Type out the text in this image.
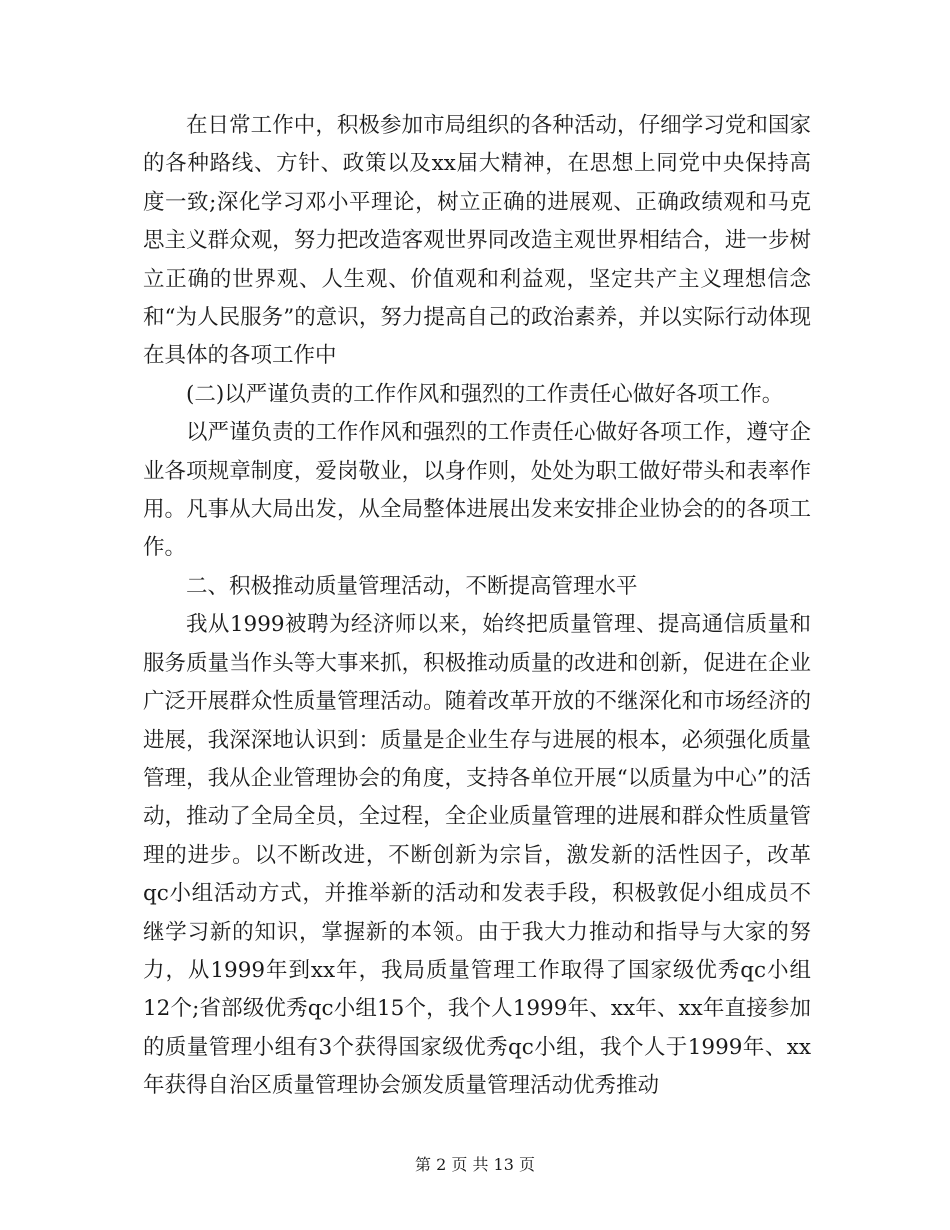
在日常工作中，积极参加市局组织的各种活动，仔细学习党和国家的各种路线、方针、政策以及xx届大精神，在思想上同党中央保持高度一致;深化学习邓小平理论，树立正确的进展观、正确政绩观和马克思主义群众观，努力把改造客观世界同改造主观世界相结合，进一步树立正确的世界观、人生观、价值观和利益观，坚定共产主义理想信念和“为人民服务”的意识，努力提高自己的政治素养，并以实际行动体现在具体的各项工作中

(二)以严谨负责的工作作风和强烈的工作责任心做好各项工作。

以严谨负责的工作作风和强烈的工作责任心做好各项工作，遵守企业各项规章制度，爱岗敬业，以身作则，处处为职工做好带头和表率作用。凡事从大局出发，从全局整体进展出发来安排企业协会的的各项工作。

二、积极推动质量管理活动，不断提高管理水平

我从1999被聘为经济师以来，始终把质量管理、提高通信质量和服务质量当作头等大事来抓，积极推动质量的改进和创新，促进在企业广泛开展群众性质量管理活动。随着改革开放的不继深化和市场经济的进展，我深深地认识到：质量是企业生存与进展的根本，必须强化质量管理，我从企业管理协会的角度，支持各单位开展“以质量为中心”的活动，推动了全局全员，全过程，全企业质量管理的进展和群众性质量管理的进步。以不断改进，不断创新为宗旨，激发新的活性因子，改革qc小组活动方式，并推举新的活动和发表手段，积极敦促小组成员不继学习新的知识，掌握新的本领。由于我大力推动和指导与大家的努力，从1999年到xx年，我局质量管理工作取得了国家级优秀qc小组12个;省部级优秀qc小组15个，我个人1999年、xx年、xx年直接参加的质量管理小组有3个获得国家级优秀qc小组，我个人于1999年、xx年获得自治区质量管理协会颁发质量管理活动优秀推动

第 2 页 共 13 页
